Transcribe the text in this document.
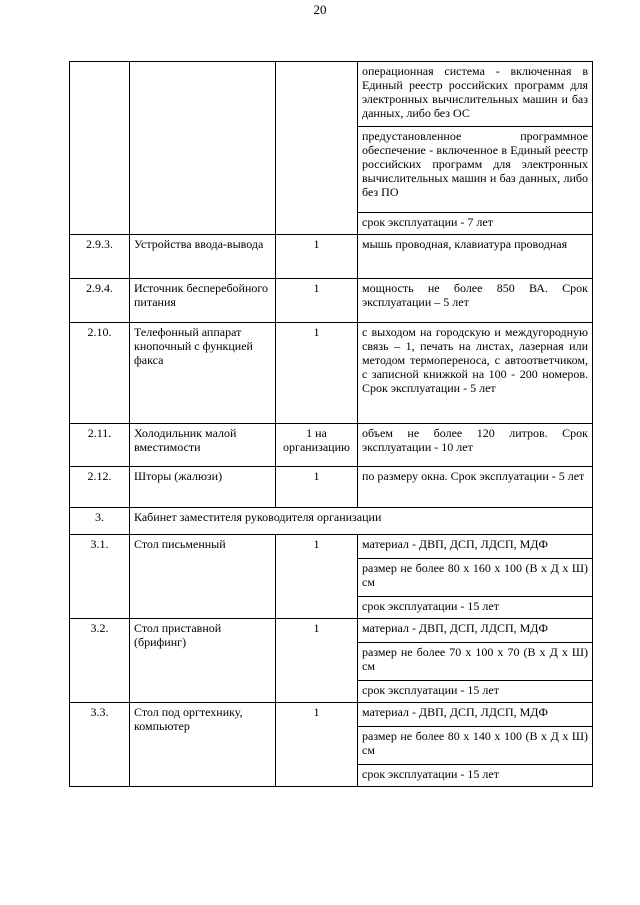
20
			операционная система - включенная в Единый реестр российских программ для электронных вычислительных машин и баз данных, либо без ОС
			предустановленное программное обеспечение - включенное в Единый реестр российских программ для электронных вычислительных машин и баз данных, либо без ПО
			срок эксплуатации - 7 лет
2.9.3.	Устройства ввода-вывода	1	мышь проводная, клавиатура проводная
2.9.4.	Источник бесперебойного питания	1	мощность не более 850 ВА. Срок эксплуатации – 5 лет
2.10.	Телефонный аппарат кнопочный с функцией факса	1	с выходом на городскую и междугородную связь – 1, печать на листах, лазерная или методом термопереноса, с автоответчиком, с записной книжкой на 100 - 200 номеров. Срок эксплуатации - 5 лет
2.11.	Холодильник малой вместимости	1 на организацию	объем не более 120 литров. Срок эксплуатации - 10 лет
2.12.	Шторы (жалюзи)	1	по размеру окна. Срок эксплуатации - 5 лет
3.	Кабинет заместителя руководителя организации		
3.1.	Стол письменный	1	материал - ДВП, ДСП, ЛДСП, МДФ
			размер не более 80 х 160 х 100 (В х Д х Ш) см
			срок эксплуатации - 15 лет
3.2.	Стол приставной (брифинг)	1	материал - ДВП, ДСП, ЛДСП, МДФ
			размер не более 70 х 100 х 70 (В х Д х Ш) см
			срок эксплуатации - 15 лет
3.3.	Стол под оргтехнику, компьютер	1	материал - ДВП, ДСП, ЛДСП, МДФ
			размер не более 80 х 140 х 100 (В х Д х Ш) см
			срок эксплуатации - 15 лет
